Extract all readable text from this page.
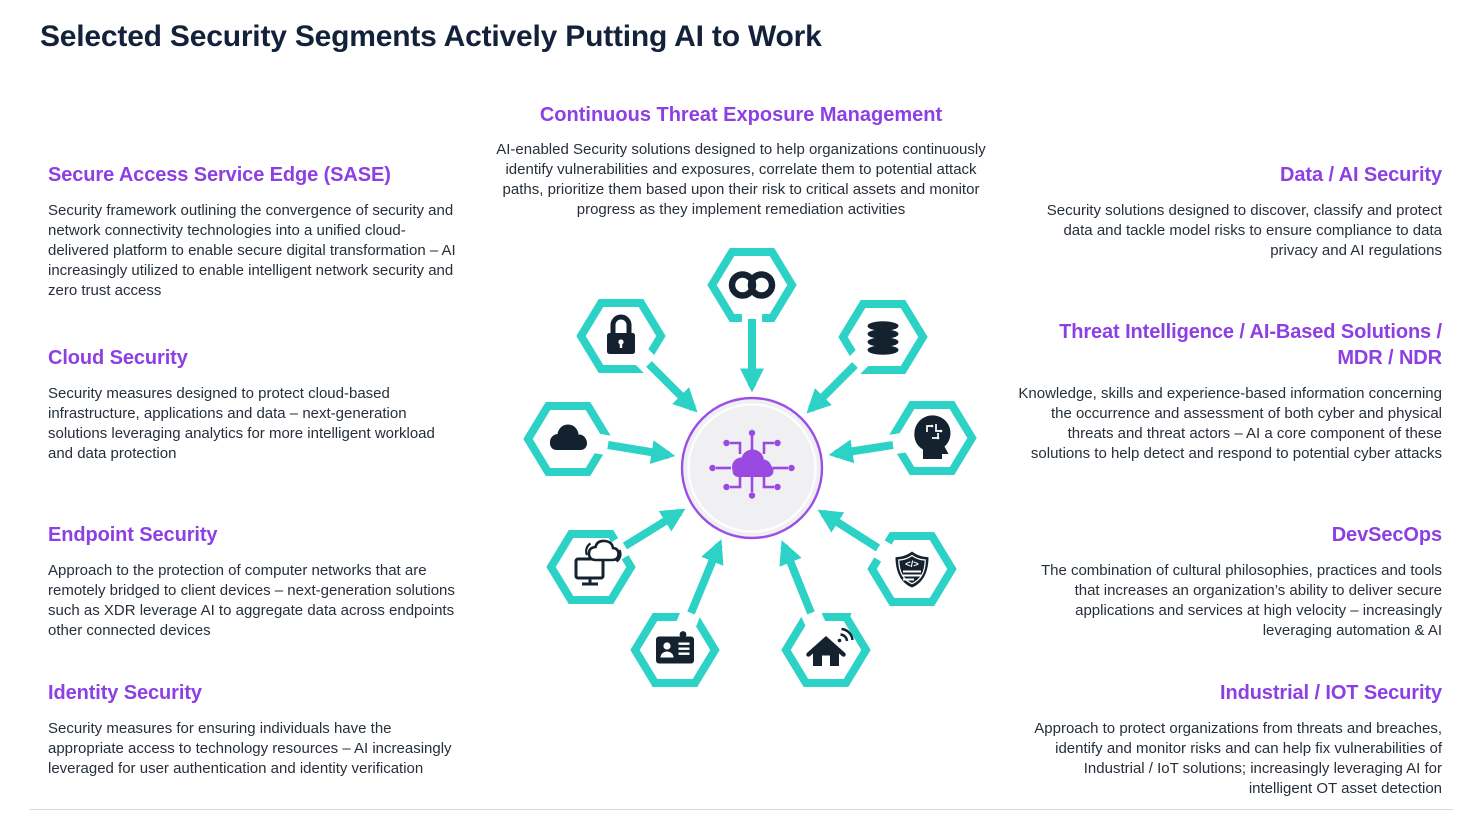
Selected Security Segments Actively Putting AI to Work
Continuous Threat Exposure Management

AI-enabled Security solutions designed to help organizations continuously identify vulnerabilities and exposures, correlate them to potential attack paths, prioritize them based upon their risk to critical assets and monitor progress as they implement remediation activities

Secure Access Service Edge (SASE)

Security framework outlining the convergence of security and network connectivity technologies into a unified cloud-delivered platform to enable secure digital transformation – AI increasingly utilized to enable intelligent network security and zero trust access

Cloud Security

Security measures designed to protect cloud-based infrastructure, applications and data – next-generation solutions leveraging analytics for more intelligent workload and data protection

Endpoint Security

Approach to the protection of computer networks that are remotely bridged to client devices – next-generation solutions such as XDR leverage AI to aggregate data across endpoints other connected devices

Identity Security

Security measures for ensuring individuals have the appropriate access to technology resources – AI increasingly leveraged for user authentication and identity verification

Data / AI Security

Security solutions designed to discover, classify and protect data and tackle model risks to ensure compliance to data privacy and AI regulations

Threat Intelligence / AI-Based Solutions / MDR / NDR

Knowledge, skills and experience-based information concerning the occurrence and assessment of both cyber and physical threats and threat actors – AI a core component of these solutions to help detect and respond to potential cyber attacks

DevSecOps

The combination of cultural philosophies, practices and tools that increases an organization’s ability to deliver secure applications and services at high velocity – increasingly leveraging automation & AI

Industrial / IOT Security

Approach to protect organizations from threats and breaches, identify and monitor risks and can help fix vulnerabilities of Industrial / IoT solutions; increasingly leveraging AI for intelligent OT asset detection

</>
